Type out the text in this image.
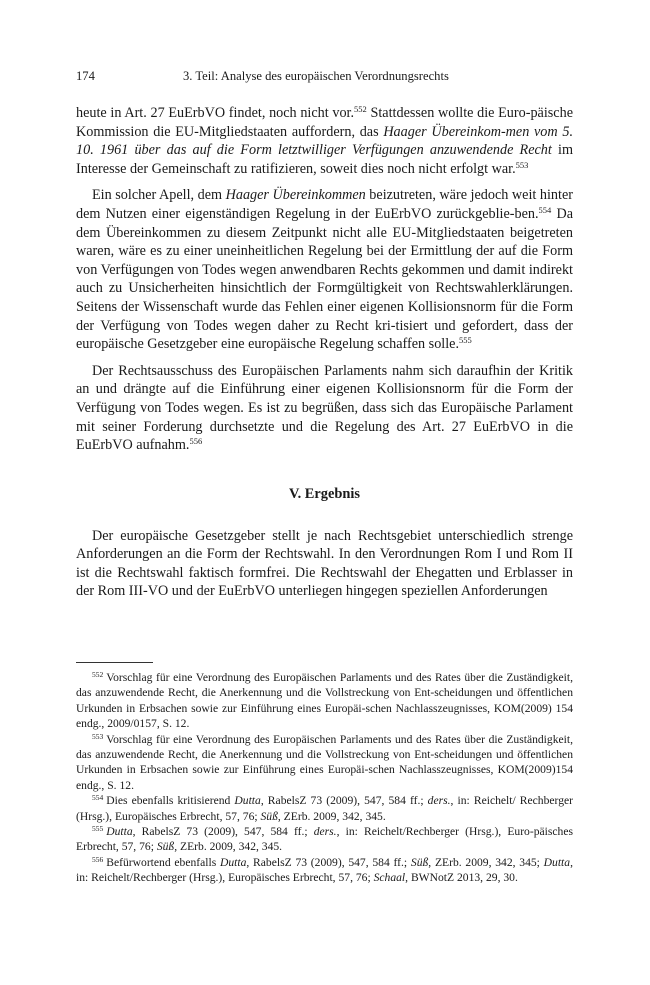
174	3. Teil: Analyse des europäischen Verordnungsrechts

heute in Art. 27 EuErbVO findet, noch nicht vor.$^{552}$ Stattdessen wollte die Euro-päische Kommission die EU-Mitgliedstaaten auffordern, das Haager Übereinkom-men vom 5. 10. 1961 über das auf die Form letztwilliger Verfügungen anzuwendende Recht im Interesse der Gemeinschaft zu ratifizieren, soweit dies noch nicht erfolgt war.$^{553}$

Ein solcher Apell, dem Haager Übereinkommen beizutreten, wäre jedoch weit hinter dem Nutzen einer eigenständigen Regelung in der EuErbVO zurückgeblie-ben.$^{554}$ Da dem Übereinkommen zu diesem Zeitpunkt nicht alle EU-Mitgliedstaaten beigetreten waren, wäre es zu einer uneinheitlichen Regelung bei der Ermittlung der auf die Form von Verfügungen von Todes wegen anwendbaren Rechts gekommen und damit indirekt auch zu Unsicherheiten hinsichtlich der Formgültigkeit von Rechtswahlerklärungen. Seitens der Wissenschaft wurde das Fehlen einer eigenen Kollisionsnorm für die Form der Verfügung von Todes wegen daher zu Recht kri-tisiert und gefordert, dass der europäische Gesetzgeber eine europäische Regelung schaffen solle.$^{555}$

Der Rechtsausschuss des Europäischen Parlaments nahm sich daraufhin der Kritik an und drängte auf die Einführung einer eigenen Kollisionsnorm für die Form der Verfügung von Todes wegen. Es ist zu begrüßen, dass sich das Europäische Parlament mit seiner Forderung durchsetzte und die Regelung des Art. 27 EuErbVO in die EuErbVO aufnahm.$^{556}$

V. Ergebnis

Der europäische Gesetzgeber stellt je nach Rechtsgebiet unterschiedlich strenge Anforderungen an die Form der Rechtswahl. In den Verordnungen Rom I und Rom II ist die Rechtswahl faktisch formfrei. Die Rechtswahl der Ehegatten und Erblasser in der Rom III-VO und der EuErbVO unterliegen hingegen speziellen Anforderungen

$^{552}$ Vorschlag für eine Verordnung des Europäischen Parlaments und des Rates über die Zuständigkeit, das anzuwendende Recht, die Anerkennung und die Vollstreckung von Ent-scheidungen und öffentlichen Urkunden in Erbsachen sowie zur Einführung eines Europäi-schen Nachlasszeugnisses, KOM(2009) 154 endg., 2009/0157, S. 12.

$^{553}$ Vorschlag für eine Verordnung des Europäischen Parlaments und des Rates über die Zuständigkeit, das anzuwendende Recht, die Anerkennung und die Vollstreckung von Ent-scheidungen und öffentlichen Urkunden in Erbsachen sowie zur Einführung eines Europäi-schen Nachlasszeugnisses, KOM(2009)154 endg., S. 12.

$^{554}$ Dies ebenfalls kritisierend Dutta, RabelsZ 73 (2009), 547, 584 ff.; ders., in: Reichelt/ Rechberger (Hrsg.), Europäisches Erbrecht, 57, 76; Süß, ZErb. 2009, 342, 345.

$^{555}$ Dutta, RabelsZ 73 (2009), 547, 584 ff.; ders., in: Reichelt/Rechberger (Hrsg.), Euro-päisches Erbrecht, 57, 76; Süß, ZErb. 2009, 342, 345.

$^{556}$ Befürwortend ebenfalls Dutta, RabelsZ 73 (2009), 547, 584 ff.; Süß, ZErb. 2009, 342, 345; Dutta, in: Reichelt/Rechberger (Hrsg.), Europäisches Erbrecht, 57, 76; Schaal, BWNotZ 2013, 29, 30.
